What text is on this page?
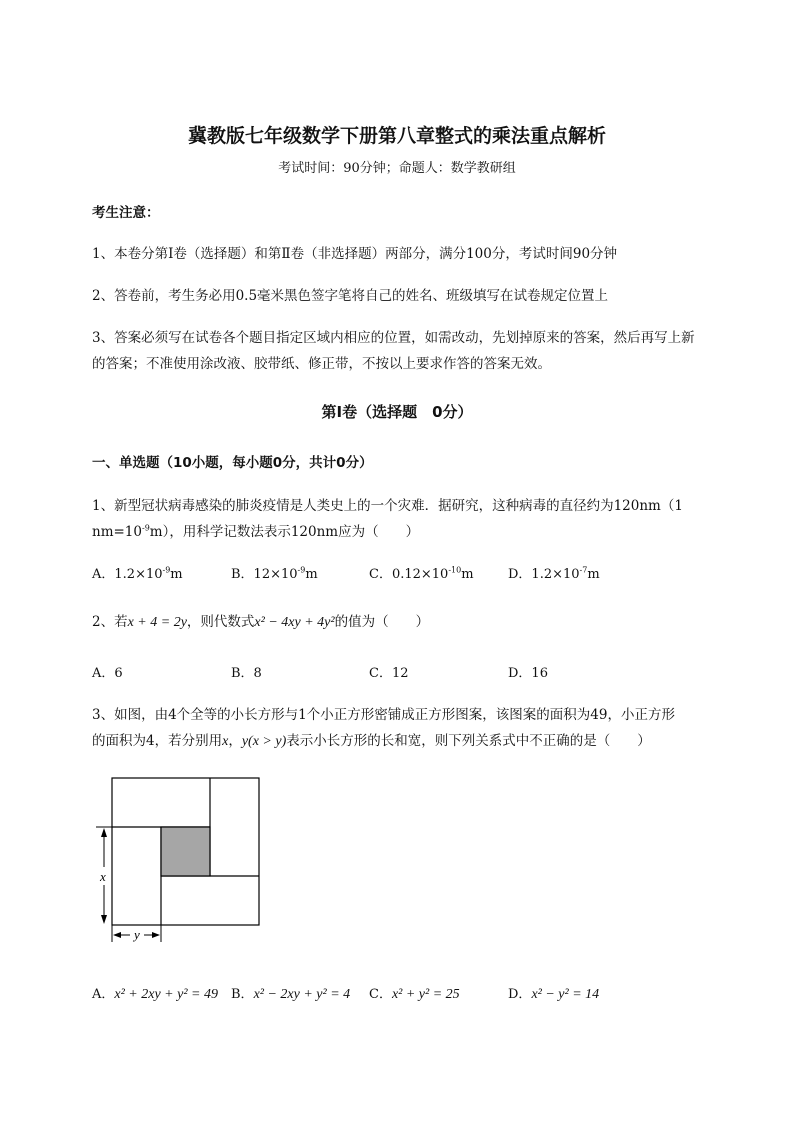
冀教版七年级数学下册第八章整式的乘法重点解析
考试时间：90分钟；命题人：数学教研组
考生注意：
1、本卷分第Ⅰ卷（选择题）和第Ⅱ卷（非选择题）两部分，满分100分，考试时间90分钟
2、答卷前，考生务必用0.5毫米黑色签字笔将自己的姓名、班级填写在试卷规定位置上
3、答案必须写在试卷各个题目指定区域内相应的位置，如需改动，先划掉原来的答案，然后再写上新
的答案；不准使用涂改液、胶带纸、修正带，不按以上要求作答的答案无效。
第Ⅰ卷（选择题　0分）
一、单选题（10小题，每小题0分，共计0分）
1、新型冠状病毒感染的肺炎疫情是人类史上的一个灾难．据研究，这种病毒的直径约为120nm（1
$nm=10^{-9}m$），用科学记数法表示120nm应为（　　）
A．$1.2\times 10^{-9}m$	B．$12\times 10^{-9}m$	C．$0.12\times 10^{-10}m$	D．$1.2\times 10^{-7}m$
2、若x + 4 = 2y，则代数式x² − 4xy + 4y²的值为（　　）
A．6	B．8	C．12	D．16
3、如图，由4个全等的小长方形与1个小正方形密铺成正方形图案，该图案的面积为49，小正方形
的面积为4，若分别用x，y(x > y)表示小长方形的长和宽，则下列关系式中不正确的是（　　）
x
y
A．x² + 2xy + y² = 49 B．x² − 2xy + y² = 4 C．x² + y² = 25	D．x² − y² = 14
